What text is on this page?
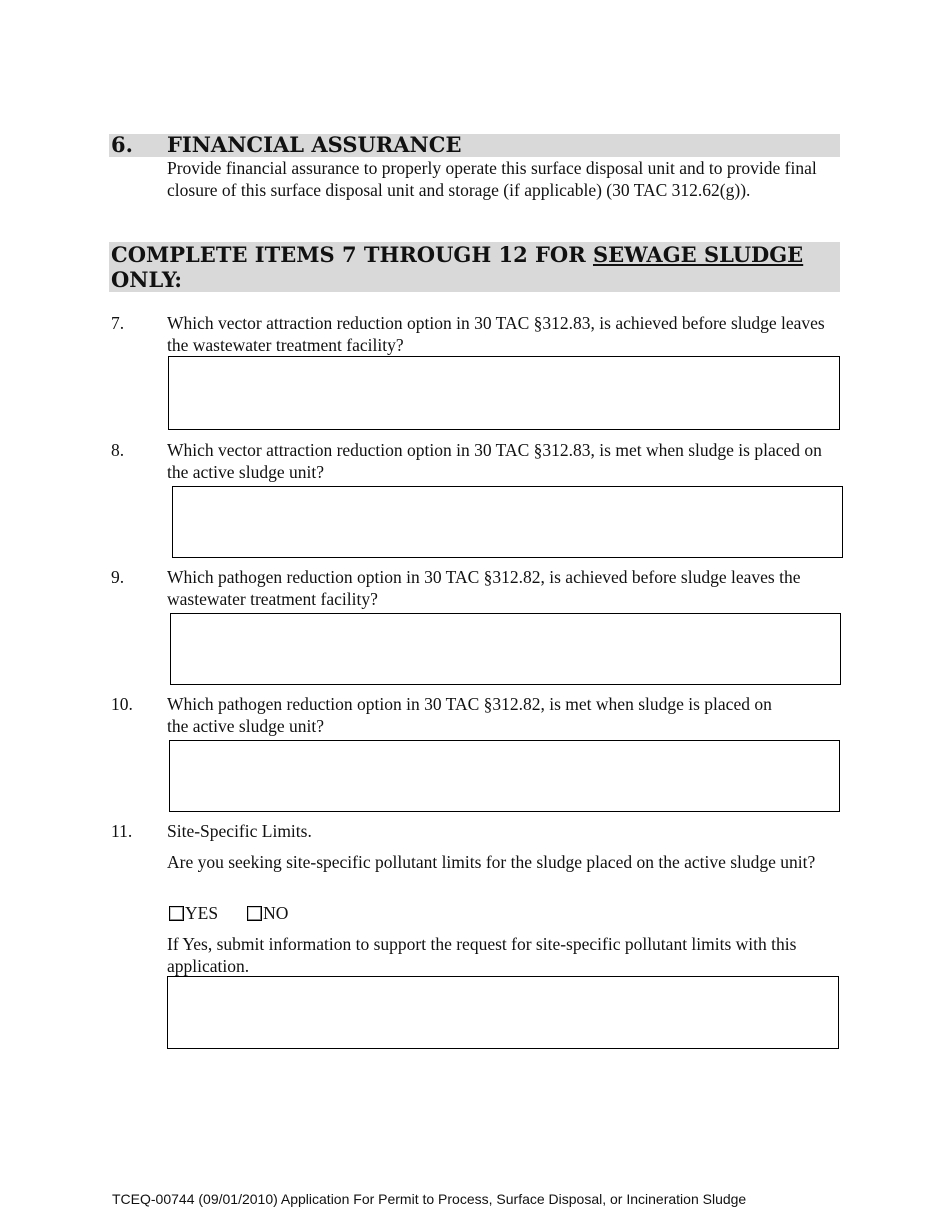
6. FINANCIAL ASSURANCE
Provide financial assurance to properly operate this surface disposal unit and to provide final closure of this surface disposal unit and storage (if applicable) (30 TAC 312.62(g)).
COMPLETE ITEMS 7 THROUGH 12 FOR SEWAGE SLUDGE
ONLY:
7. Which vector attraction reduction option in 30 TAC §312.83, is achieved before sludge leaves the wastewater treatment facility?
8. Which vector attraction reduction option in 30 TAC §312.83, is met when sludge is placed on the active sludge unit?
9. Which pathogen reduction option in 30 TAC §312.82, is achieved before sludge leaves the wastewater treatment facility?
10. Which pathogen reduction option in 30 TAC §312.82, is met when sludge is placed on the active sludge unit?
11. Site-Specific Limits.
Are you seeking site-specific pollutant limits for the sludge placed on the active sludge unit?
YES	NO
If Yes, submit information to support the request for site-specific pollutant limits with this application.
TCEQ-00744 (09/01/2010) Application For Permit to Process, Surface Disposal, or Incineration Sludge
